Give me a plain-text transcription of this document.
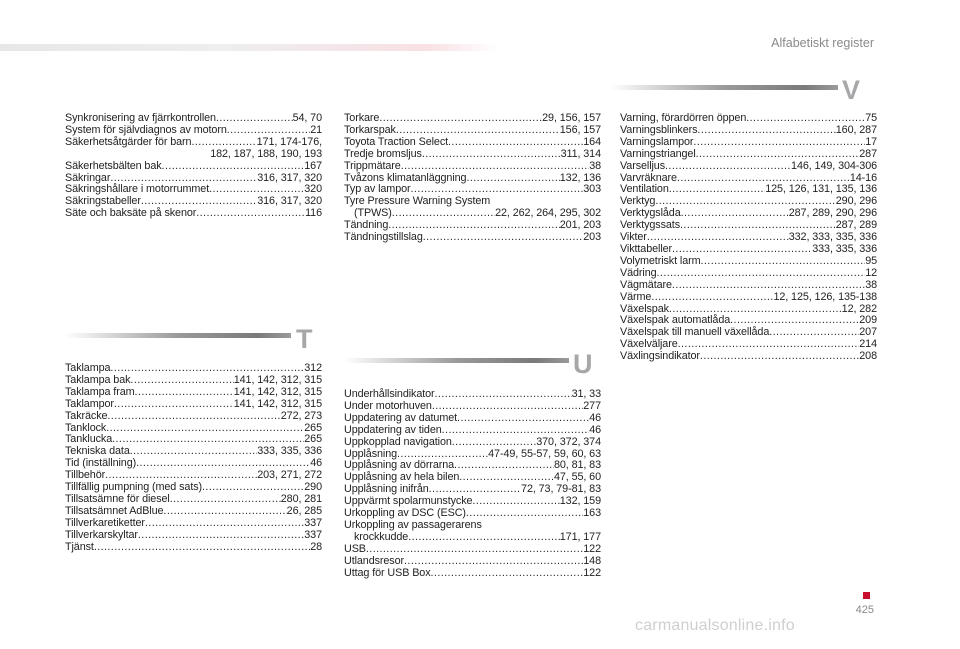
Alfabetiskt register
Synkronisering av fjärrkontrollen .....	54, 70
System för självdiagnos av motorn .....	21
Säkerhetsåtgärder för barn .....	171, 174-176,
182, 187, 188, 190, 193
Säkerhetsbälten bak .....	167
Säkringar .....	316, 317, 320
Säkringshållare i motorrummet .....	320
Säkringstabeller .....	316, 317, 320
Säte och baksäte på skenor .....	116
T
Taklampa .....	312
Taklampa bak .....	141, 142, 312, 315
Taklampa fram .....	141, 142, 312, 315
Taklampor .....	141, 142, 312, 315
Takräcke .....	272, 273
Tanklock .....	265
Tanklucka .....	265
Tekniska data .....	333, 335, 336
Tid (inställning) .....	46
Tillbehör .....	203, 271, 272
Tillfällig pumpning (med sats) .....	290
Tillsatsämne för diesel .....	280, 281
Tillsatsämnet AdBlue .....	26, 285
Tillverkaretiketter .....	337
Tillverkarskyltar .....	337
Tjänst .....	28
Torkare .....	29, 156, 157
Torkarspak .....	156, 157
Toyota Traction Select .....	164
Tredje bromsljus .....	311, 314
Trippmätare .....	38
Tvåzons klimatanläggning .....	132, 136
Typ av lampor .....	303
Tyre Pressure Warning System
(TPWS) .....	22, 262, 264, 295, 302
Tändning .....	201, 203
Tändningstillslag .....	203
U
Underhållsindikator .....	31, 33
Under motorhuven .....	277
Uppdatering av datumet .....	46
Uppdatering av tiden .....	46
Uppkopplad navigation .....	370, 372, 374
Upplåsning .....	47-49, 55-57, 59, 60, 63
Upplåsning av dörrarna .....	80, 81, 83
Upplåsning av hela bilen .....	47, 55, 60
Upplåsning inifrån .....	72, 73, 79-81, 83
Uppvärmt spolarmunstycke .....	132, 159
Urkoppling av DSC (ESC) .....	163
Urkoppling av passagerarens
krockkudde .....	171, 177
USB .....	122
Utlandsresor .....	148
Uttag för USB Box .....	122
V
Varning, förardörren öppen .....	75
Varningsblinkers .....	160, 287
Varningslampor .....	17
Varningstriangel .....	287
Varselljus .....	146, 149, 304-306
Varvräknare .....	14-16
Ventilation .....	125, 126, 131, 135, 136
Verktyg .....	290, 296
Verktygslåda .....	287, 289, 290, 296
Verktygssats .....	287, 289
Vikter .....	332, 333, 335, 336
Vikttabeller .....	333, 335, 336
Volymetriskt larm .....	95
Vädring .....	12
Vägmätare .....	38
Värme .....	12, 125, 126, 135-138
Växelspak .....	12, 282
Växelspak automatlåda .....	209
Växelspak till manuell växellåda .....	207
Växelväljare .....	214
Växlingsindikator .....	208
425
carmanualsonline.info
